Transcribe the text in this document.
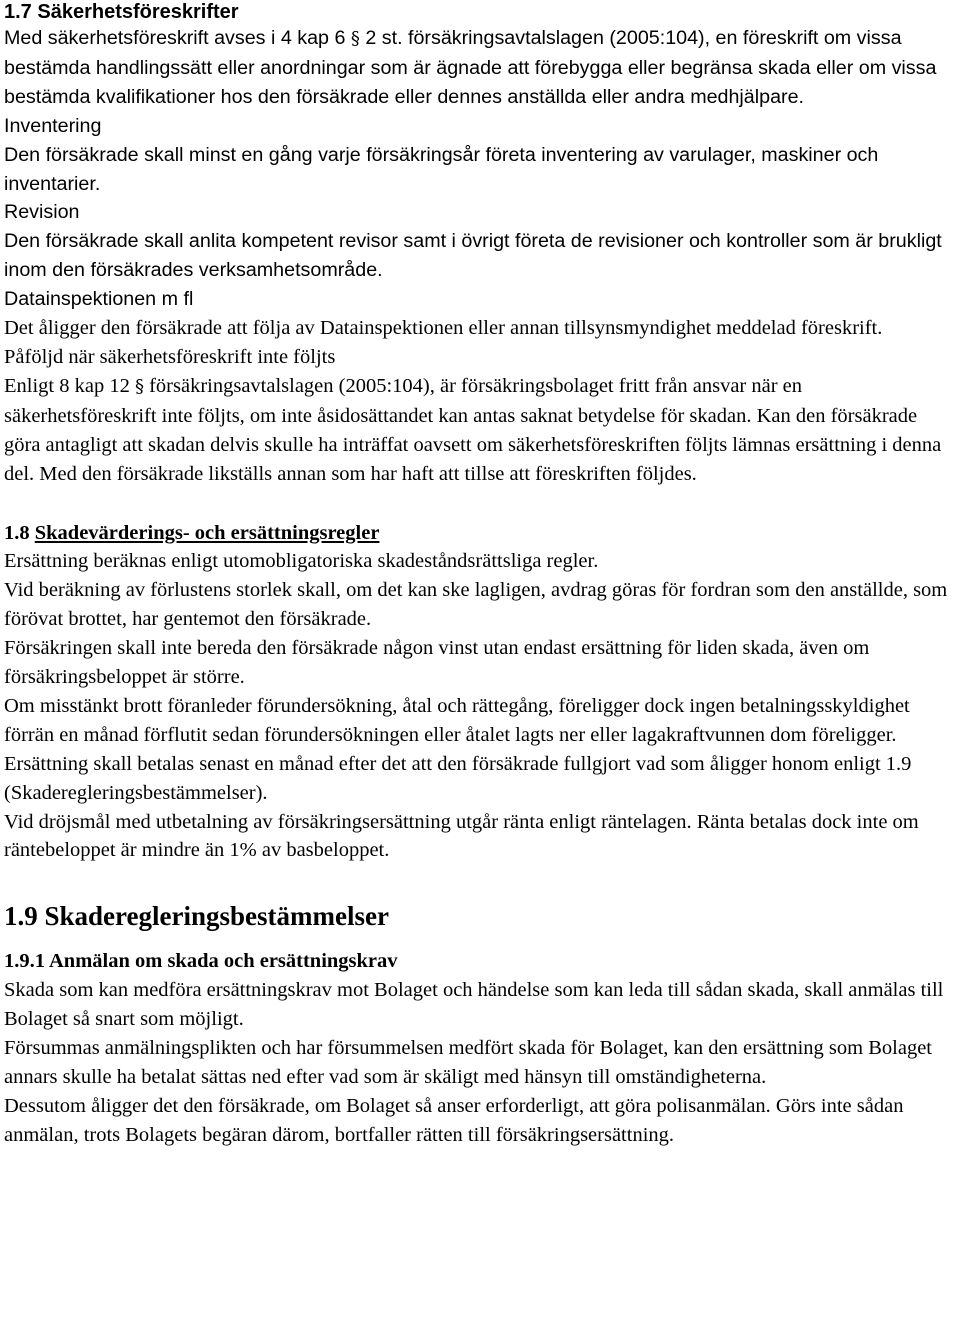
1.7 Säkerhetsföreskrifter

Med säkerhetsföreskrift avses i 4 kap 6 § 2 st. försäkringsavtalslagen (2005:104), en föreskrift om vissa bestämda handlingssätt eller anordningar som är ägnade att förebygga eller begränsa skada eller om vissa bestämda kvalifikationer hos den försäkrade eller dennes anställda eller andra medhjälpare.

Inventering

Den försäkrade skall minst en gång varje försäkringsår företa inventering av varulager, maskiner och inventarier.

Revision

Den försäkrade skall anlita kompetent revisor samt i övrigt företa de revisioner och kontroller som är brukligt inom den försäkrades verksamhetsområde.

Datainspektionen m fl

Det åligger den försäkrade att följa av Datainspektionen eller annan tillsynsmyndighet meddelad föreskrift.

Påföljd när säkerhetsföreskrift inte följts

Enligt 8 kap 12 § försäkringsavtalslagen (2005:104), är försäkringsbolaget fritt från ansvar när en säkerhetsföreskrift inte följts, om inte åsidosättandet kan antas saknat betydelse för skadan. Kan den försäkrade göra antagligt att skadan delvis skulle ha inträffat oavsett om säkerhetsföreskriften följts lämnas ersättning i denna del. Med den försäkrade likställs annan som har haft att tillse att föreskriften följdes.

1.8 Skadevärderings- och ersättningsregler

Ersättning beräknas enligt utomobligatoriska skadeståndsrättsliga regler.

Vid beräkning av förlustens storlek skall, om det kan ske lagligen, avdrag göras för fordran som den anställde, som förövat brottet, har gentemot den försäkrade.

Försäkringen skall inte bereda den försäkrade någon vinst utan endast ersättning för liden skada, även om försäkringsbeloppet är större.

Om misstänkt brott föranleder förundersökning, åtal och rättegång, föreligger dock ingen betalningsskyldighet förrän en månad förflutit sedan förundersökningen eller åtalet lagts ner eller lagakraftvunnen dom föreligger.

Ersättning skall betalas senast en månad efter det att den försäkrade fullgjort vad som åligger honom enligt 1.9 (Skaderegleringsbestämmelser).

Vid dröjsmål med utbetalning av försäkringsersättning utgår ränta enligt räntelagen. Ränta betalas dock inte om räntebeloppet är mindre än 1% av basbeloppet.

1.9 Skaderegleringsbestämmelser

1.9.1 Anmälan om skada och ersättningskrav

Skada som kan medföra ersättningskrav mot Bolaget och händelse som kan leda till sådan skada, skall anmälas till Bolaget så snart som möjligt.

Försummas anmälningsplikten och har försummelsen medfört skada för Bolaget, kan den ersättning som Bolaget annars skulle ha betalat sättas ned efter vad som är skäligt med hänsyn till omständigheterna.

Dessutom åligger det den försäkrade, om Bolaget så anser erforderligt, att göra polisanmälan. Görs inte sådan anmälan, trots Bolagets begäran därom, bortfaller rätten till försäkringsersättning.
